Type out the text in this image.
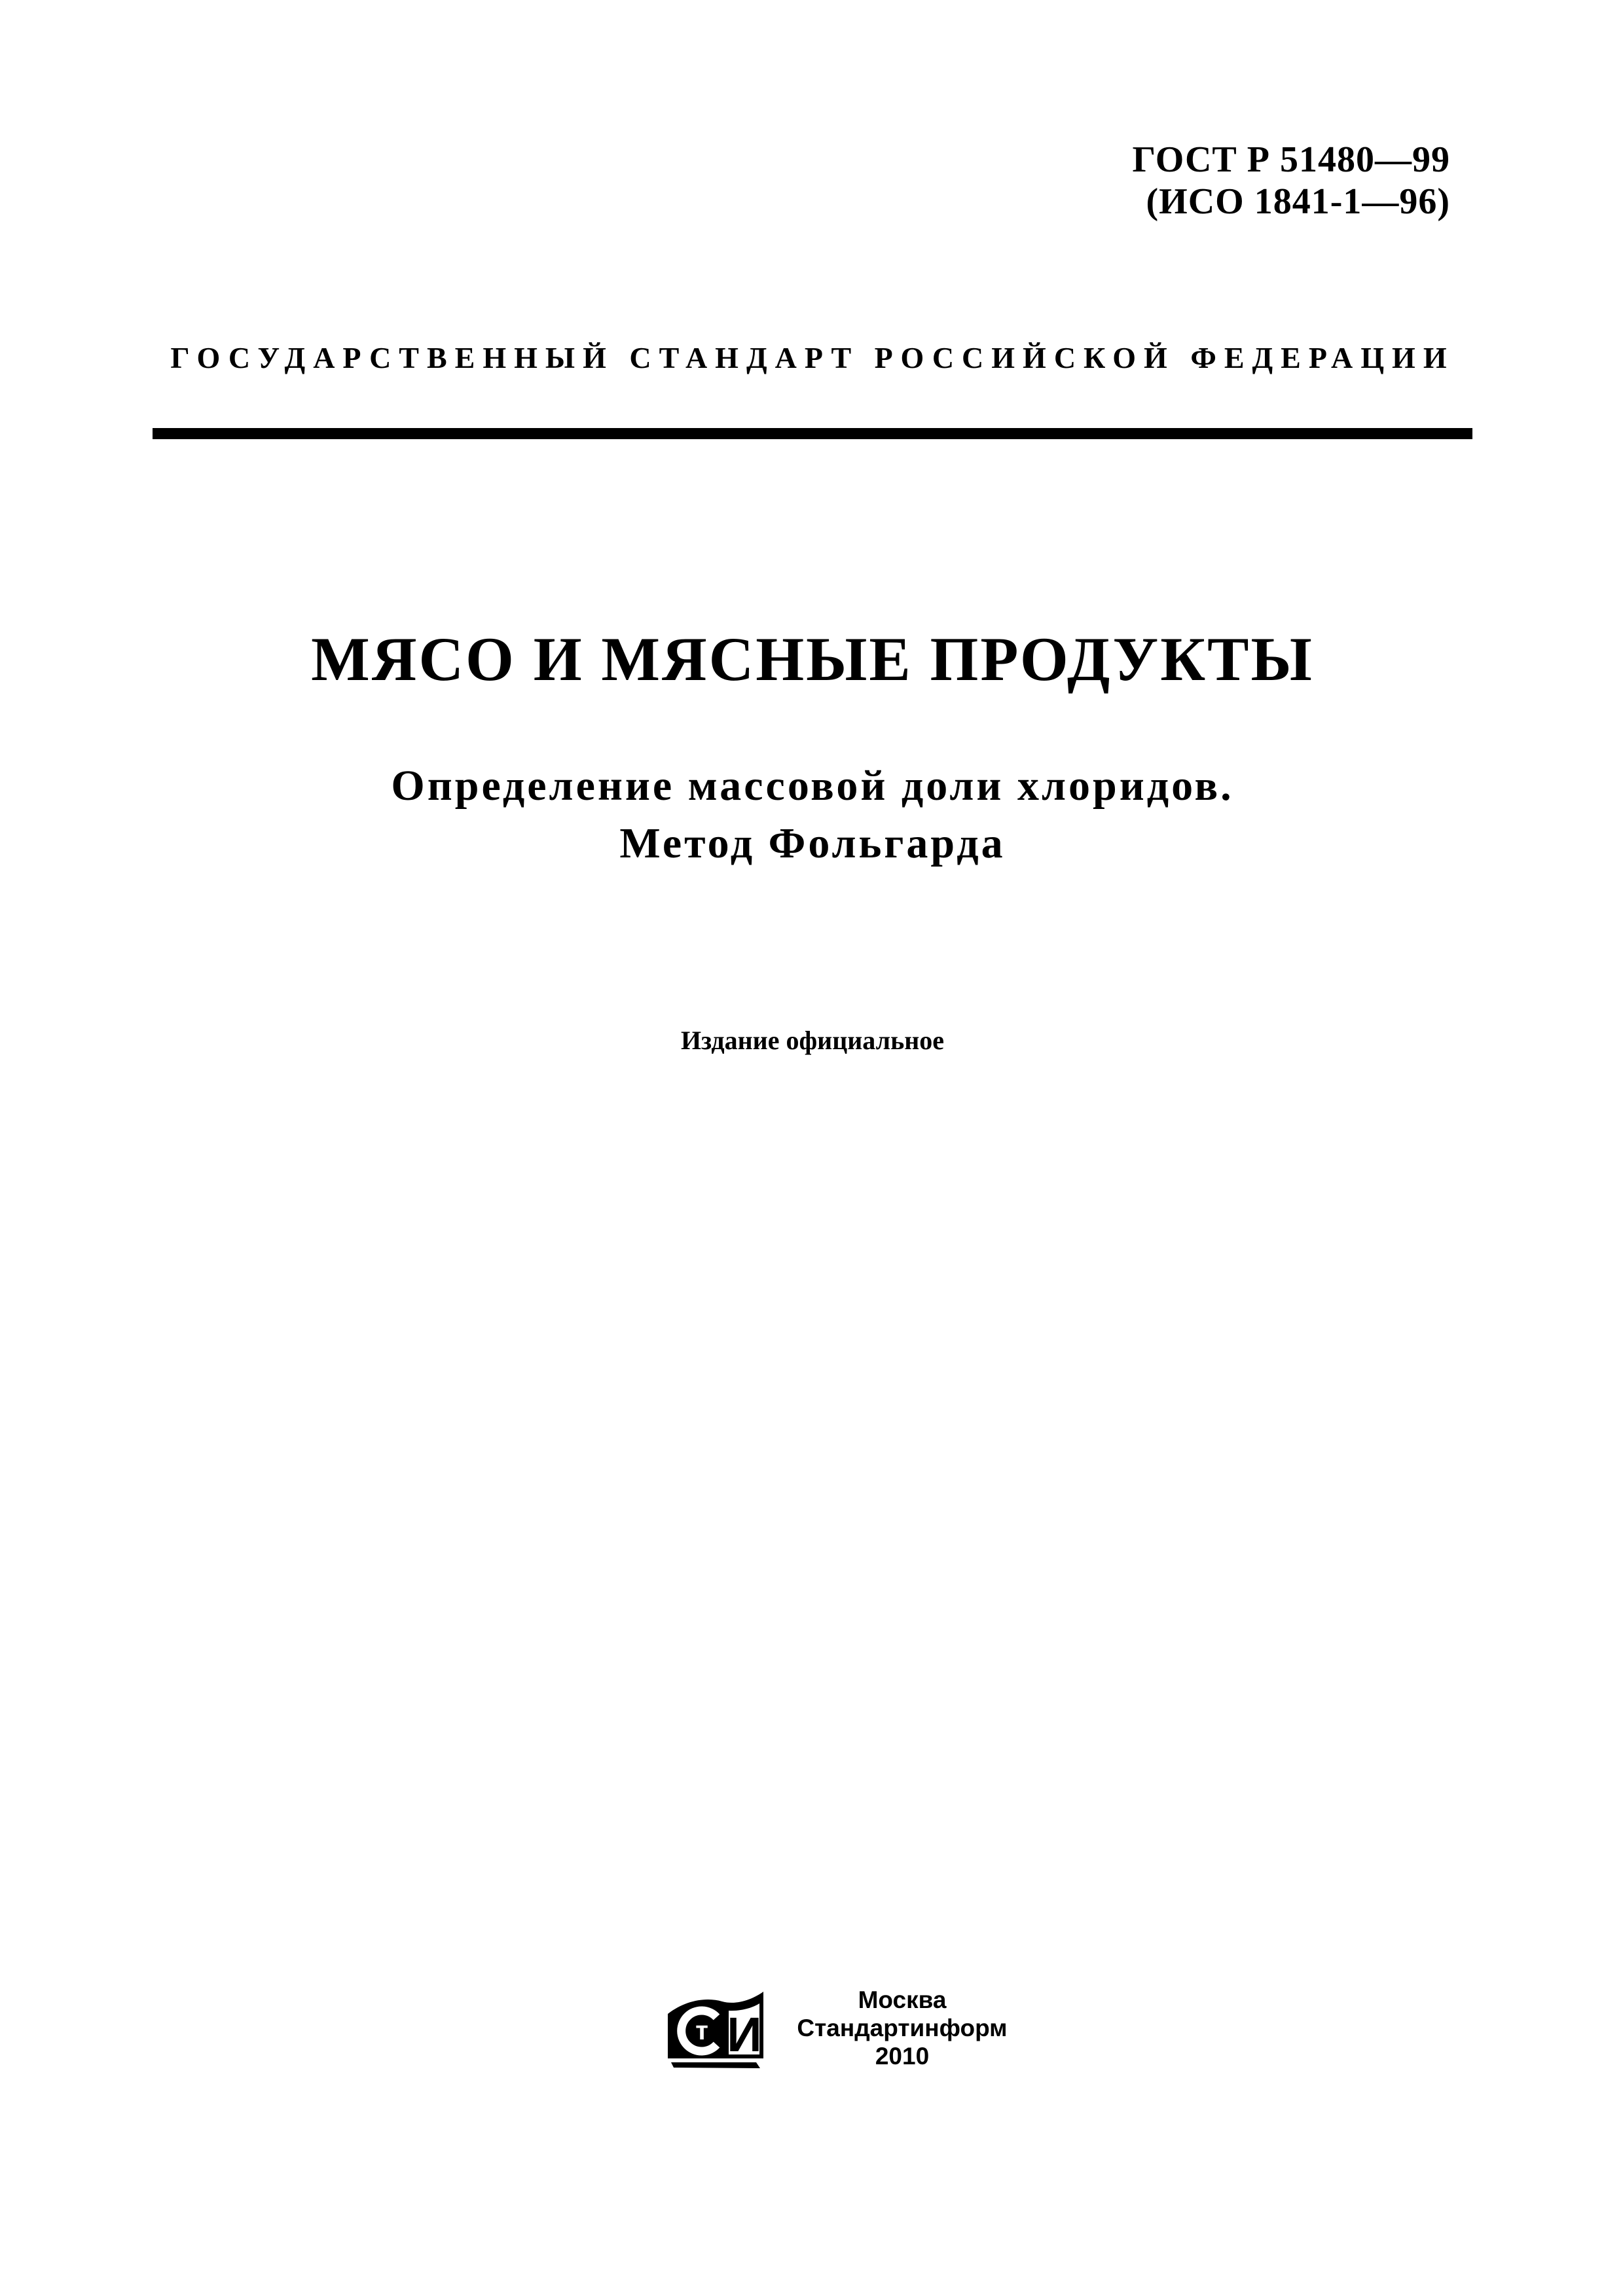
ГОСТ Р 51480—99
(ИСО 1841-1—96)
ГОСУДАРСТВЕННЫЙ СТАНДАРТ РОССИЙСКОЙ ФЕДЕРАЦИИ
МЯСО И МЯСНЫЕ ПРОДУКТЫ
Определение массовой доли хлоридов.
Метод Фольгарда
Издание официальное
И
т
Москва
Стандартинформ
2010
